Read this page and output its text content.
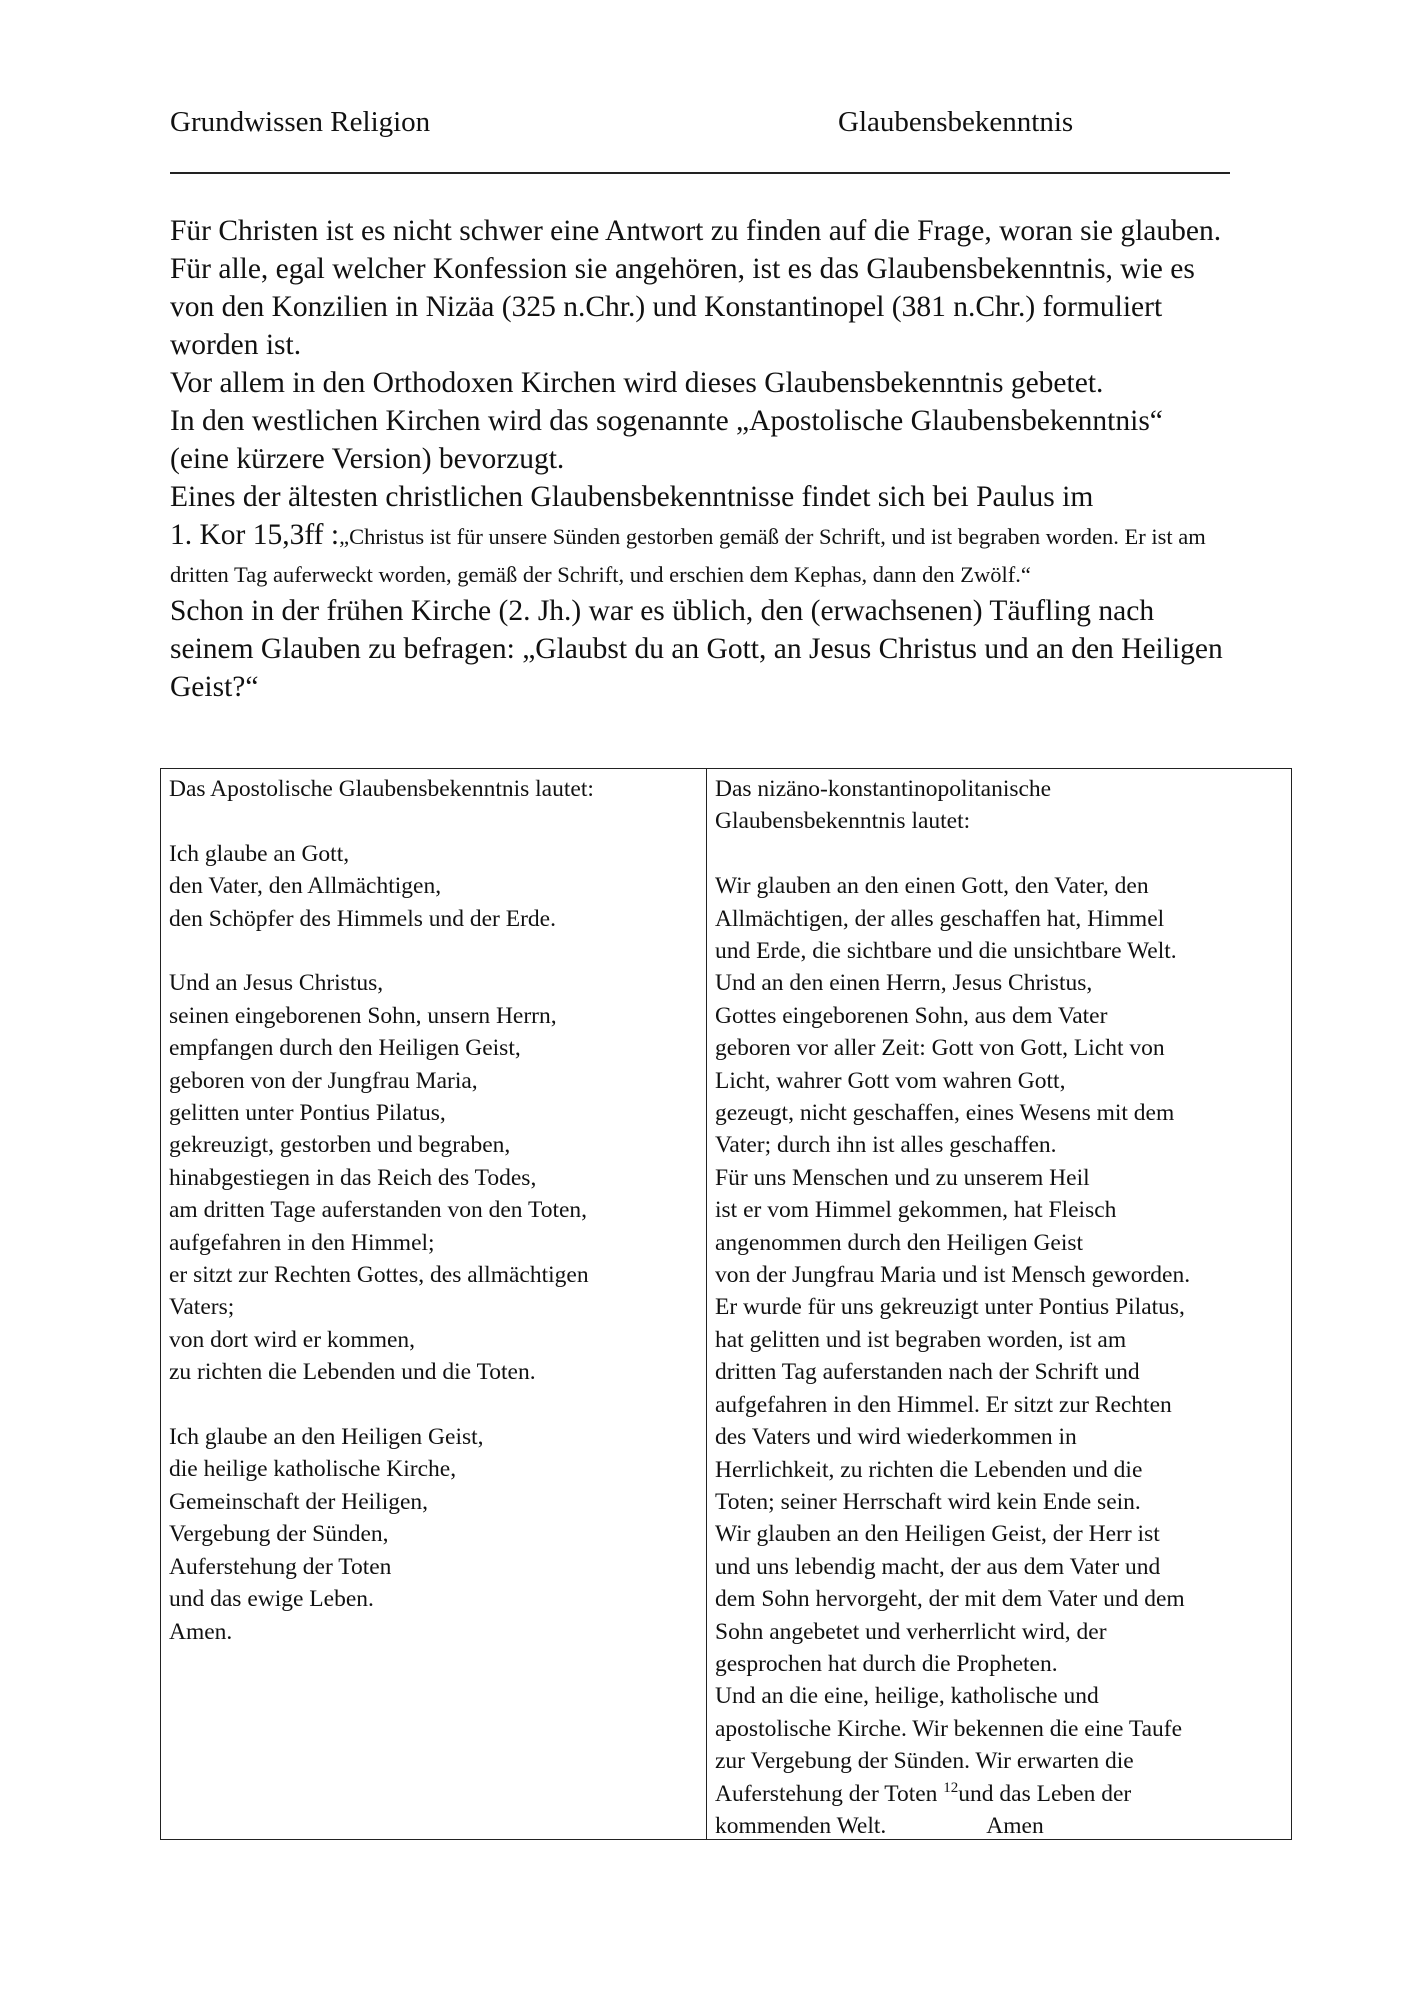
Grundwissen Religion	Glaubensbekenntnis

Für Christen ist es nicht schwer eine Antwort zu finden auf die Frage, woran sie glauben. Für alle, egal welcher Konfession sie angehören, ist es das Glaubensbekenntnis, wie es von den Konzilien in Nizäa (325 n.Chr.) und Konstantinopel (381 n.Chr.) formuliert worden ist.

Vor allem in den Orthodoxen Kirchen wird dieses Glaubensbekenntnis gebetet.

In den westlichen Kirchen wird das sogenannte „Apostolische Glaubensbekenntnis“ (eine kürzere Version) bevorzugt.

Eines der ältesten christlichen Glaubensbekenntnisse findet sich bei Paulus im

1. Kor 15,3ff :„Christus ist für unsere Sünden gestorben gemäß der Schrift, und ist begraben worden. Er ist am dritten Tag auferweckt worden, gemäß der Schrift, und erschien dem Kephas, dann den Zwölf.“

Schon in der frühen Kirche (2. Jh.) war es üblich, den (erwachsenen) Täufling nach seinem Glauben zu befragen: „Glaubst du an Gott, an Jesus Christus und an den Heiligen Geist?“

Das Apostolische Glaubensbekenntnis lautet:
Ich glaube an Gott,
den Vater, den Allmächtigen,
den Schöpfer des Himmels und der Erde.
Und an Jesus Christus,
seinen eingeborenen Sohn, unsern Herrn,
empfangen durch den Heiligen Geist,
geboren von der Jungfrau Maria,
gelitten unter Pontius Pilatus,
gekreuzigt, gestorben und begraben,
hinabgestiegen in das Reich des Todes,
am dritten Tage auferstanden von den Toten,
aufgefahren in den Himmel;
er sitzt zur Rechten Gottes, des allmächtigen
Vaters;
von dort wird er kommen,
zu richten die Lebenden und die Toten.
Ich glaube an den Heiligen Geist,
die heilige katholische Kirche,
Gemeinschaft der Heiligen,
Vergebung der Sünden,
Auferstehung der Toten
und das ewige Leben.
Amen.
Das nizäno-konstantinopolitanische
Glaubensbekenntnis lautet:
Wir glauben an den einen Gott, den Vater, den
Allmächtigen, der alles geschaffen hat, Himmel
und Erde, die sichtbare und die unsichtbare Welt.
Und an den einen Herrn, Jesus Christus,
Gottes eingeborenen Sohn, aus dem Vater
geboren vor aller Zeit: Gott von Gott, Licht von
Licht, wahrer Gott vom wahren Gott,
gezeugt, nicht geschaffen, eines Wesens mit dem
Vater; durch ihn ist alles geschaffen.
Für uns Menschen und zu unserem Heil
ist er vom Himmel gekommen, hat Fleisch
angenommen durch den Heiligen Geist
von der Jungfrau Maria und ist Mensch geworden.
Er wurde für uns gekreuzigt unter Pontius Pilatus,
hat gelitten und ist begraben worden, ist am
dritten Tag auferstanden nach der Schrift und
aufgefahren in den Himmel. Er sitzt zur Rechten
des Vaters und wird wiederkommen in
Herrlichkeit, zu richten die Lebenden und die
Toten; seiner Herrschaft wird kein Ende sein.
Wir glauben an den Heiligen Geist, der Herr ist
und uns lebendig macht, der aus dem Vater und
dem Sohn hervorgeht, der mit dem Vater und dem
Sohn angebetet und verherrlicht wird, der
gesprochen hat durch die Propheten.
Und an die eine, heilige, katholische und
apostolische Kirche. Wir bekennen die eine Taufe
zur Vergebung der Sünden. Wir erwarten die
Auferstehung der Toten $^{12}$und das Leben der
kommenden Welt.	Amen
